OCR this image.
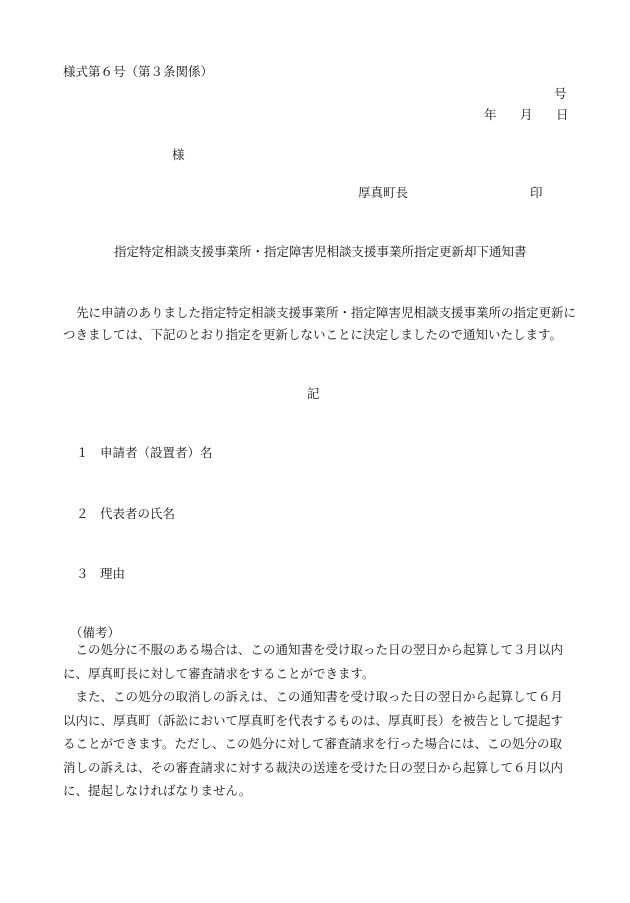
様式第６号（第３条関係）
号
年 月 日
様
厚真町長	印
指定特定相談支援事業所・指定障害児相談支援事業所指定更新却下通知書
先に申請のありました指定特定相談支援事業所・指定障害児相談支援事業所の指定更新に
つきましては、下記のとおり指定を更新しないことに決定しましたので通知いたします。
記
１ 申請者（設置者）名
２ 代表者の氏名
３ 理由
（備考）

この処分に不服のある場合は、この通知書を受け取った日の翌日から起算して３月以内に、厚真町長に対して審査請求をすることができます。

また、この処分の取消しの訴えは、この通知書を受け取った日の翌日から起算して６月以内に、厚真町（訴訟において厚真町を代表するものは、厚真町長）を被告として提起することができます。ただし、この処分に対して審査請求を行った場合には、この処分の取消しの訴えは、その審査請求に対する裁決の送達を受けた日の翌日から起算して６月以内に、提起しなければなりません。
